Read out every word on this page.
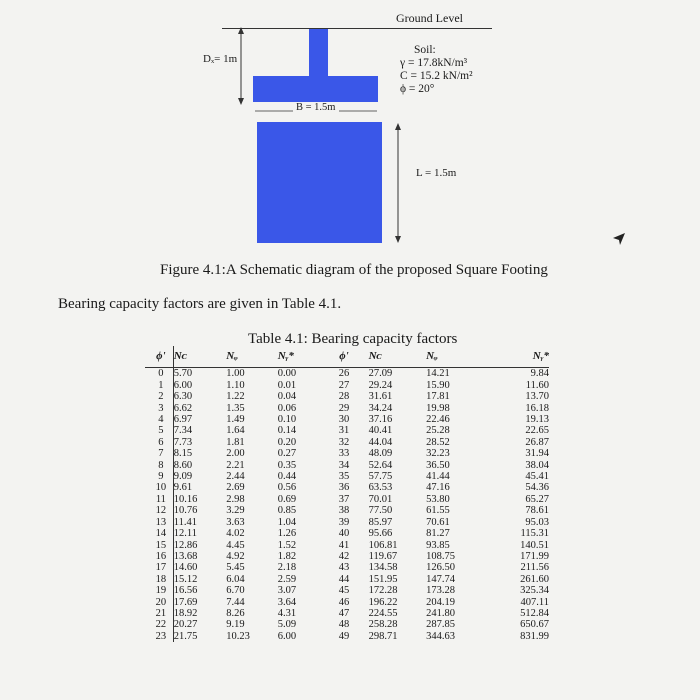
Ground Level
Dₓ= 1m
B = 1.5m
Soil:
γ = 17.8kN/m³
C = 15.2 kN/m²
ϕ = 20°
L = 1.5m
Figure 4.1:A Schematic diagram of the proposed Square Footing
Bearing capacity factors are given in Table 4.1.
Table 4.1: Bearing capacity factors
ϕ'	Nᴄ	Nᵩ	Nᵧ*	ϕ'	Nᴄ	Nᵩ	Nᵧ*
0	5.70	1.00	0.00	26	27.09	14.21	9.84
1	6.00	1.10	0.01	27	29.24	15.90	11.60
2	6.30	1.22	0.04	28	31.61	17.81	13.70
3	6.62	1.35	0.06	29	34.24	19.98	16.18
4	6.97	1.49	0.10	30	37.16	22.46	19.13
5	7.34	1.64	0.14	31	40.41	25.28	22.65
6	7.73	1.81	0.20	32	44.04	28.52	26.87
7	8.15	2.00	0.27	33	48.09	32.23	31.94
8	8.60	2.21	0.35	34	52.64	36.50	38.04
9	9.09	2.44	0.44	35	57.75	41.44	45.41
10	9.61	2.69	0.56	36	63.53	47.16	54.36
11	10.16	2.98	0.69	37	70.01	53.80	65.27
12	10.76	3.29	0.85	38	77.50	61.55	78.61
13	11.41	3.63	1.04	39	85.97	70.61	95.03
14	12.11	4.02	1.26	40	95.66	81.27	115.31
15	12.86	4.45	1.52	41	106.81	93.85	140.51
16	13.68	4.92	1.82	42	119.67	108.75	171.99
17	14.60	5.45	2.18	43	134.58	126.50	211.56
18	15.12	6.04	2.59	44	151.95	147.74	261.60
19	16.56	6.70	3.07	45	172.28	173.28	325.34
20	17.69	7.44	3.64	46	196.22	204.19	407.11
21	18.92	8.26	4.31	47	224.55	241.80	512.84
22	20.27	9.19	5.09	48	258.28	287.85	650.67
23	21.75	10.23	6.00	49	298.71	344.63	831.99
